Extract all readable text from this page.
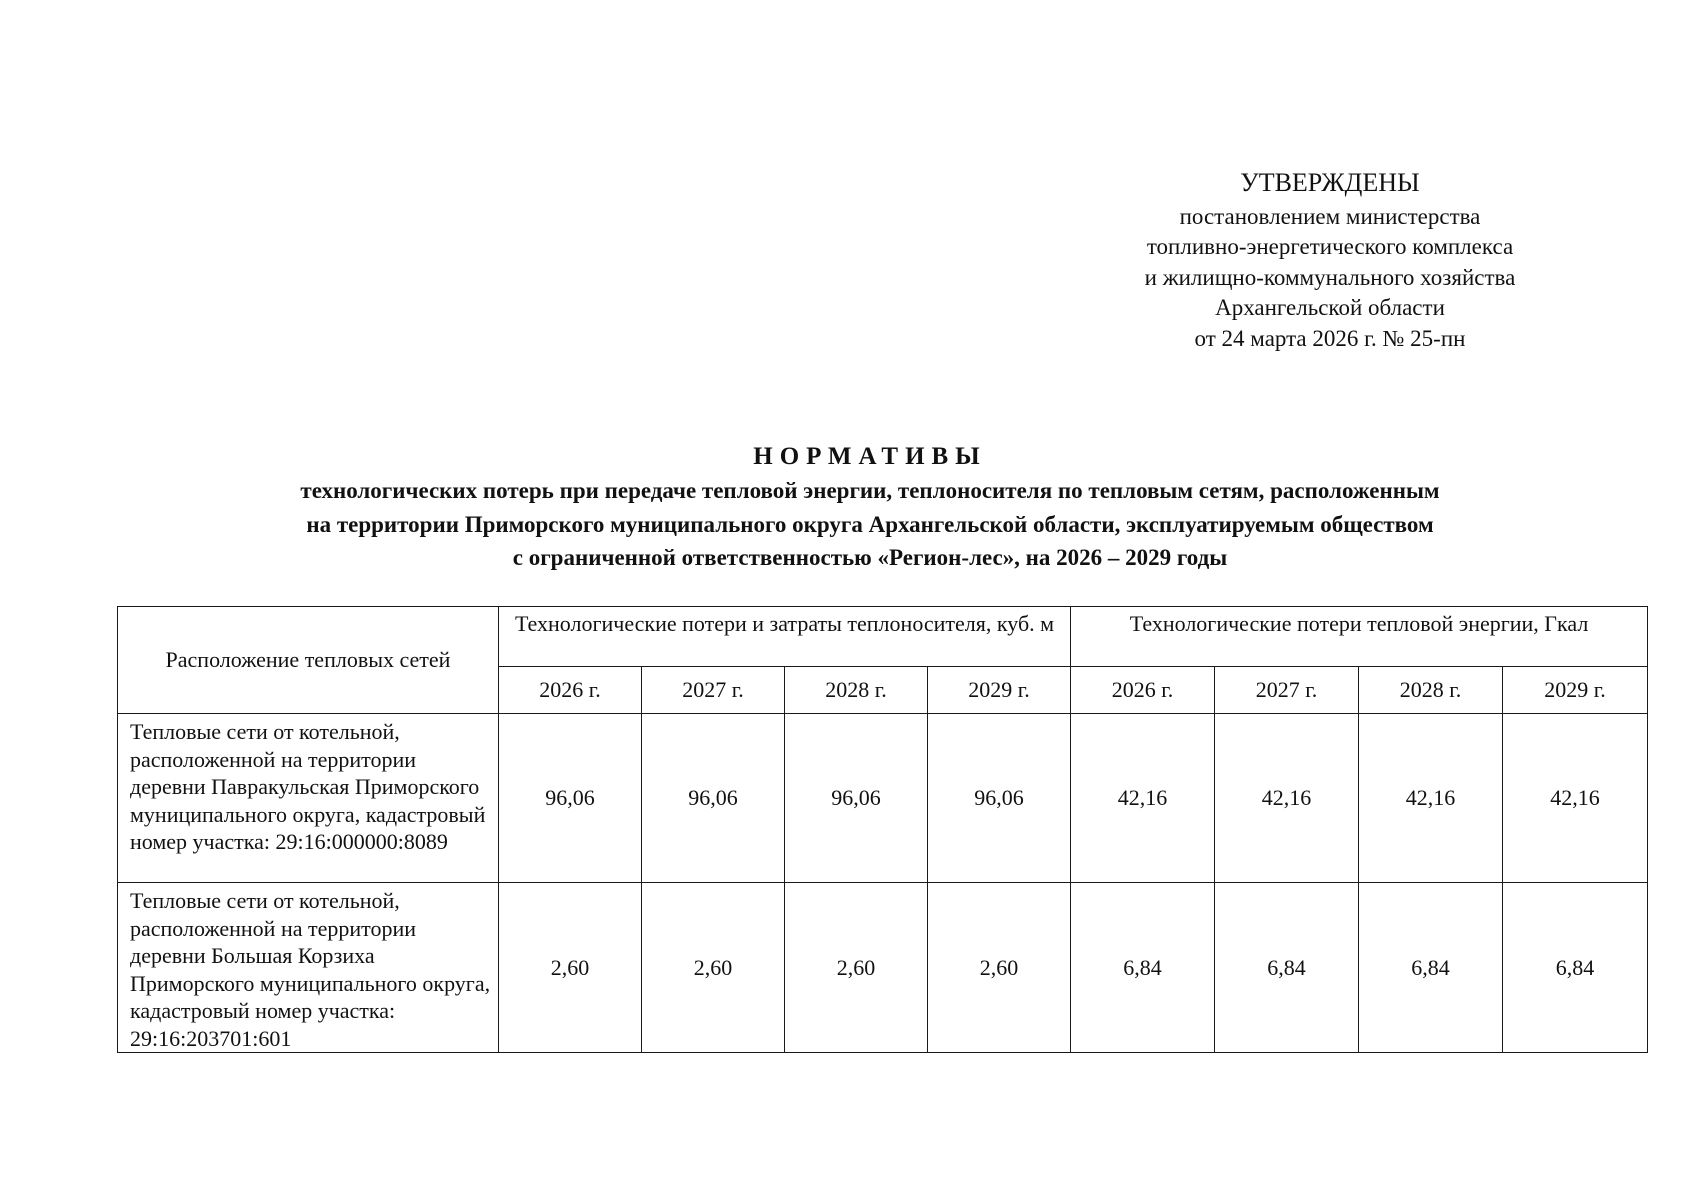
УТВЕРЖДЕНЫ
постановлением министерства
топливно-энергетического комплекса
и жилищно-коммунального хозяйства
Архангельской области
от 24 марта 2026 г. № 25-пн
НОРМАТИВЫ
технологических потерь при передаче тепловой энергии, теплоносителя по тепловым сетям, расположенным
на территории Приморского муниципального округа Архангельской области, эксплуатируемым обществом
с ограниченной ответственностью «Регион-лес», на 2026 – 2029 годы
Расположение тепловых сетей	Технологические потери и затраты теплоносителя, куб. м				Технологические потери тепловой энергии, Гкал			
	2026 г.	2027 г.	2028 г.	2029 г.	2026 г.	2027 г.	2028 г.	2029 г.
Тепловые сети от котельной, расположенной на территории деревни Павракульская Приморского муниципального округа, кадастровый номер участка: 29:16:000000:8089	96,06	96,06	96,06	96,06	42,16	42,16	42,16	42,16
Тепловые сети от котельной, расположенной на территории деревни Большая Корзиха Приморского муниципального округа, кадастровый номер участка: 29:16:203701:601	2,60	2,60	2,60	2,60	6,84	6,84	6,84	6,84
